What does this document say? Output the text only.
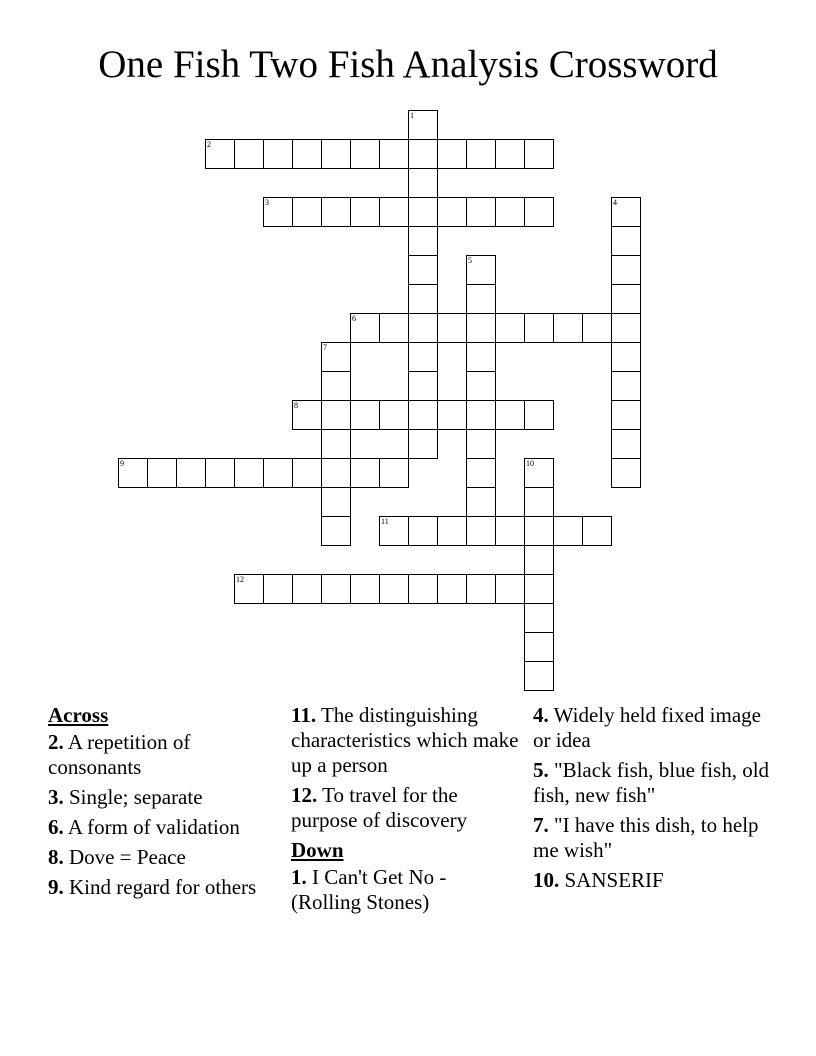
One Fish Two Fish Analysis Crossword
1
2
3	4
5
6
7
8
9	10
11
12
Across
2. A repetition of consonants
3. Single; separate
6. A form of validation
8. Dove = Peace
9. Kind regard for others
11. The distinguishing characteristics which make up a person
12. To travel for the purpose of discovery
Down
1. I Can't Get No - (Rolling Stones)
4. Widely held fixed image or idea
5. "Black fish, blue fish, old fish, new fish"
7. "I have this dish, to help me wish"
10. SANSERIF
